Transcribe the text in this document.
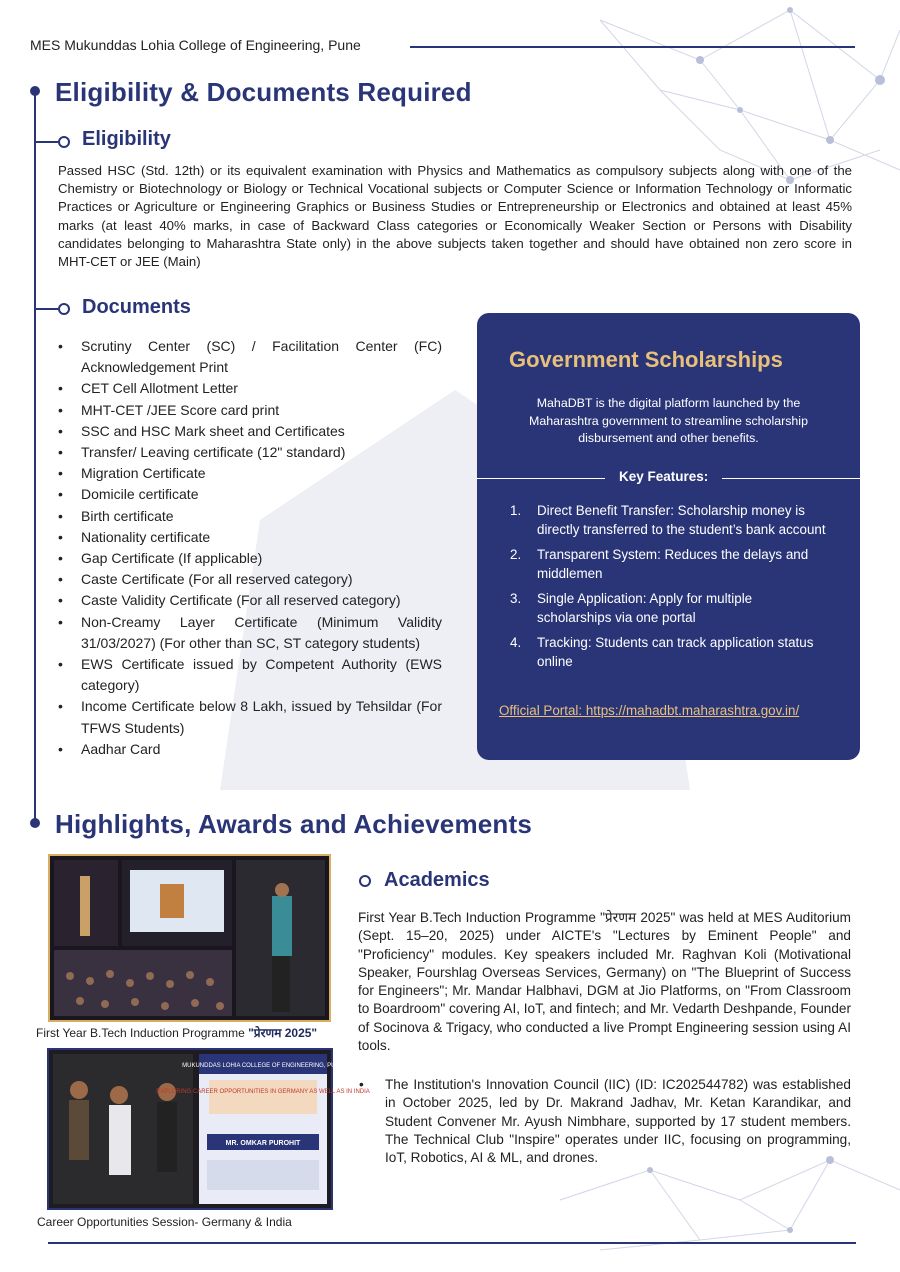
MES Mukunddas Lohia College of Engineering, Pune
Eligibility & Documents Required
Eligibility
Passed HSC (Std. 12th) or its equivalent examination with Physics and Mathematics as compulsory subjects along with one of the Chemistry or Biotechnology or Biology or Technical Vocational subjects or Computer Science or Information Technology or Informatic Practices or Agriculture or Engineering Graphics or Business Studies or Entrepreneurship or Electronics and obtained at least 45% marks (at least 40% marks, in case of Backward Class categories or Economically Weaker Section or Persons with Disability candidates belonging to Maharashtra State only) in the above subjects taken together and should have obtained non zero score in MHT-CET or JEE (Main)
Documents
• Scrutiny Center (SC) / Facilitation Center (FC) Acknowledgement Print
• CET Cell Allotment Letter
• MHT-CET /JEE Score card print
• SSC and HSC Mark sheet and Certificates
• Transfer/ Leaving certificate (12" standard)
• Migration Certificate
• Domicile certificate
• Birth certificate
• Nationality certificate
• Gap Certificate (If applicable)
• Caste Certificate (For all reserved category)
• Caste Validity Certificate (For all reserved category)
• Non-Creamy Layer Certificate (Minimum Validity 31/03/2027) (For other than SC, ST category students)
• EWS Certificate issued by Competent Authority (EWS category)
• Income Certificate below 8 Lakh, issued by Tehsildar (For TFWS Students)
• Aadhar Card
Government Scholarships
MahaDBT is the digital platform launched by the Maharashtra government to streamline scholarship disbursement and other benefits.
Key Features:
1. Direct Benefit Transfer: Scholarship money is directly transferred to the student’s bank account
2. Transparent System: Reduces the delays and middlemen
3. Single Application: Apply for multiple scholarships via one portal
4. Tracking: Students can track application status online
Official Portal: https://mahadbt.maharashtra.gov.in/
Highlights, Awards and Achievements
First Year B.Tech Induction Programme "प्रेरणम 2025"
MUKUNDDAS LOHIA COLLEGE OF ENGINEERING, PUNE
EXPLORING CAREER OPPORTUNITIES IN GERMANY AS WELL AS IN INDIA
MR. OMKAR PUROHIT
Career Opportunities Session- Germany & India
Academics
First Year B.Tech Induction Programme "प्रेरणम 2025" was held at MES Auditorium (Sept. 15–20, 2025) under AICTE's "Lectures by Eminent People" and "Proficiency" modules. Key speakers included Mr. Raghvan Koli (Motivational Speaker, Fourshlag Overseas Services, Germany) on "The Blueprint of Success for Engineers"; Mr. Mandar Halbhavi, DGM at Jio Platforms, on "From Classroom to Boardroom" covering AI, IoT, and fintech; and Mr. Vedarth Deshpande, Founder of Socinova & Trigacy, who conducted a live Prompt Engineering session using AI tools.
• The Institution's Innovation Council (IIC) (ID: IC202544782) was established in October 2025, led by Dr. Makrand Jadhav, Mr. Ketan Karandikar, and Student Convener Mr. Ayush Nimbhare, supported by 17 student members. The Technical Club "Inspire" operates under IIC, focusing on programming, IoT, Robotics, AI & ML, and drones.
